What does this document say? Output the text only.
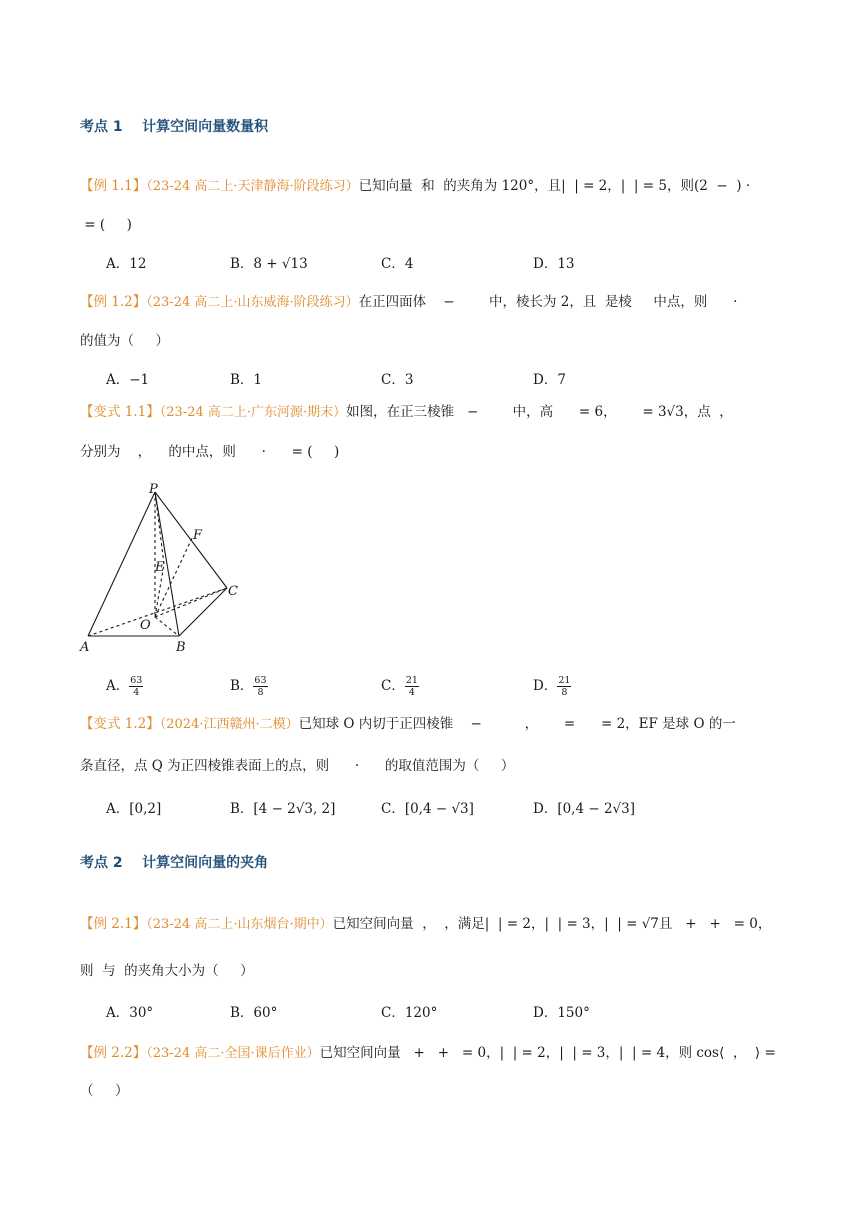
考点 1    计算空间向量数量积
【例 1.1】（23-24 高二上·天津静海·阶段练习）已知向量  和  的夹角为 120°，且|  | = 2，|  | = 5，则(2  −  ) ·
= (     )
A．12	B．8 + √13	C．4	D．13
【例 1.2】（23-24 高二上·山东威海·阶段练习）在正四面体    −        中，棱长为 2，且  是棱     中点，则      ·
的值为（     ）
A．−1	B．1	C．3	D．7
【变式 1.1】（23-24 高二上·广东河源·期末）如图，在正三棱锥   −        中，高      = 6，      = 3√3，点  ，
分别为    ，    的中点，则      ·      = (     )
P
F
E
C
O
A	B
A． $\frac{63}{4}$	B． $\frac{63}{8}$	C． $\frac{21}{4}$	D． $\frac{21}{8}$
【变式 1.2】（2024·江西赣州·二模）已知球 O 内切于正四棱锥    −          ，      =      = 2，EF 是球 O 的一
条直径，点 Q 为正四棱锥表面上的点，则      ·      的取值范围为（     ）
A．[0,2]	B．[4 − 2√3, 2]	C．[0,4 − √3]	D．[0,4 − 2√3]
考点 2    计算空间向量的夹角
【例 2.1】（23-24 高二上·山东烟台·期中）已知空间向量  ，  ，满足|  | = 2，|  | = 3，|  | = √7且   +   +   = 0，
则  与  的夹角大小为（     ）
A．30°	B．60°	C．120°	D．150°
【例 2.2】（23-24 高二·全国·课后作业）已知空间向量   +   +   = 0，|  | = 2，|  | = 3，|  | = 4，则 cos⟨  ，  ⟩ =
（     ）
